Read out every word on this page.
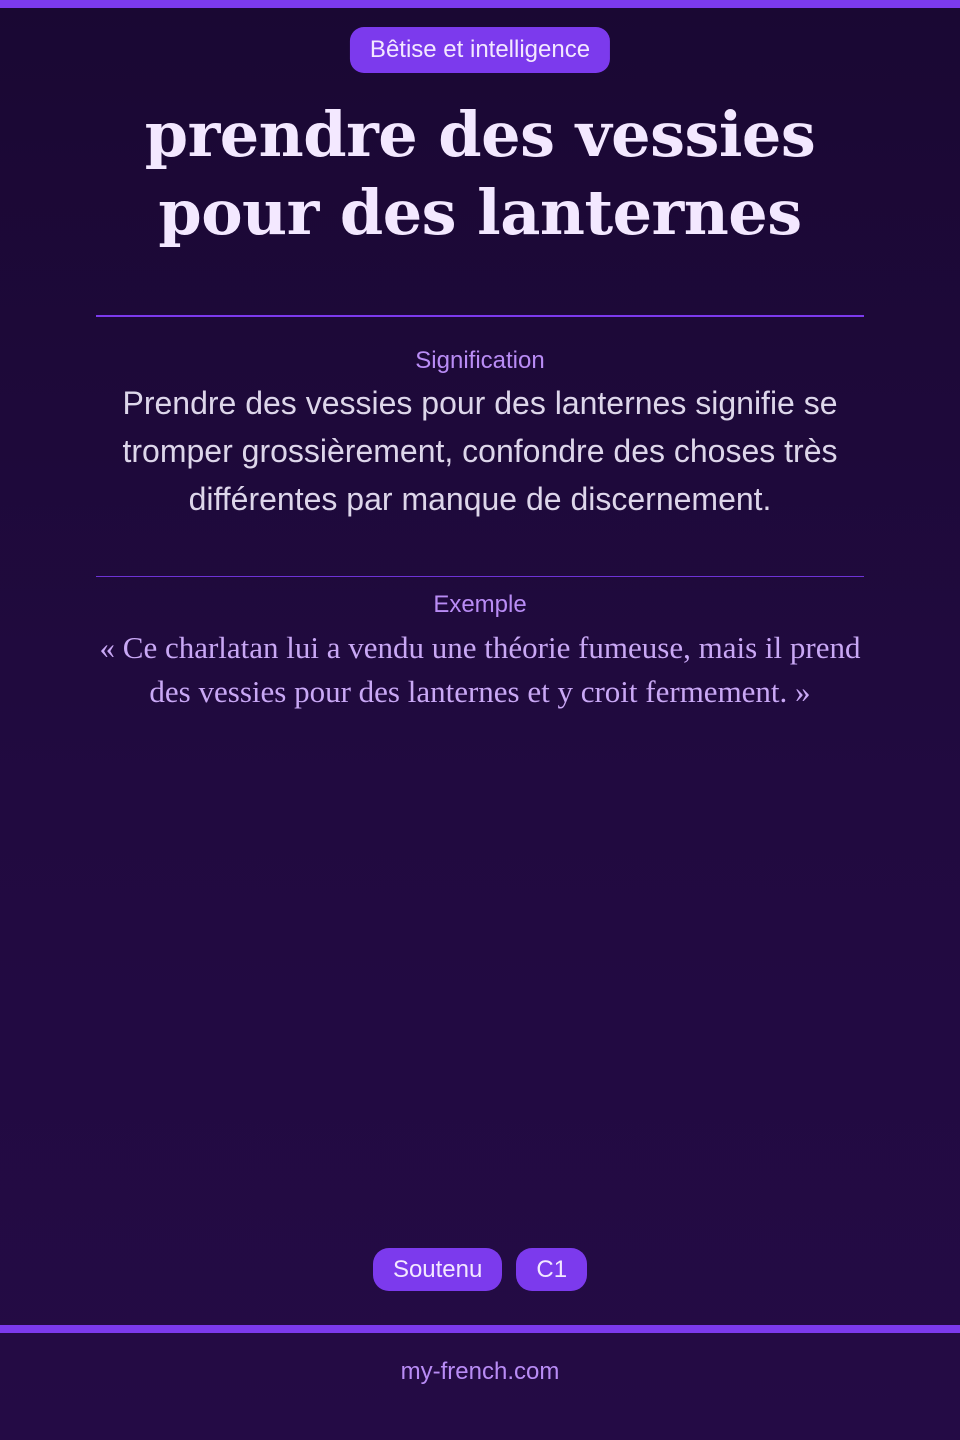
Bêtise et intelligence
prendre des vessies pour des lanternes
Signification

Prendre des vessies pour des lanternes signifie se tromper grossièrement, confondre des choses très différentes par manque de discernement.

Exemple

« Ce charlatan lui a vendu une théorie fumeuse, mais il prend des vessies pour des lanternes et y croit fermement. »

Soutenu	C1
my-french.com
